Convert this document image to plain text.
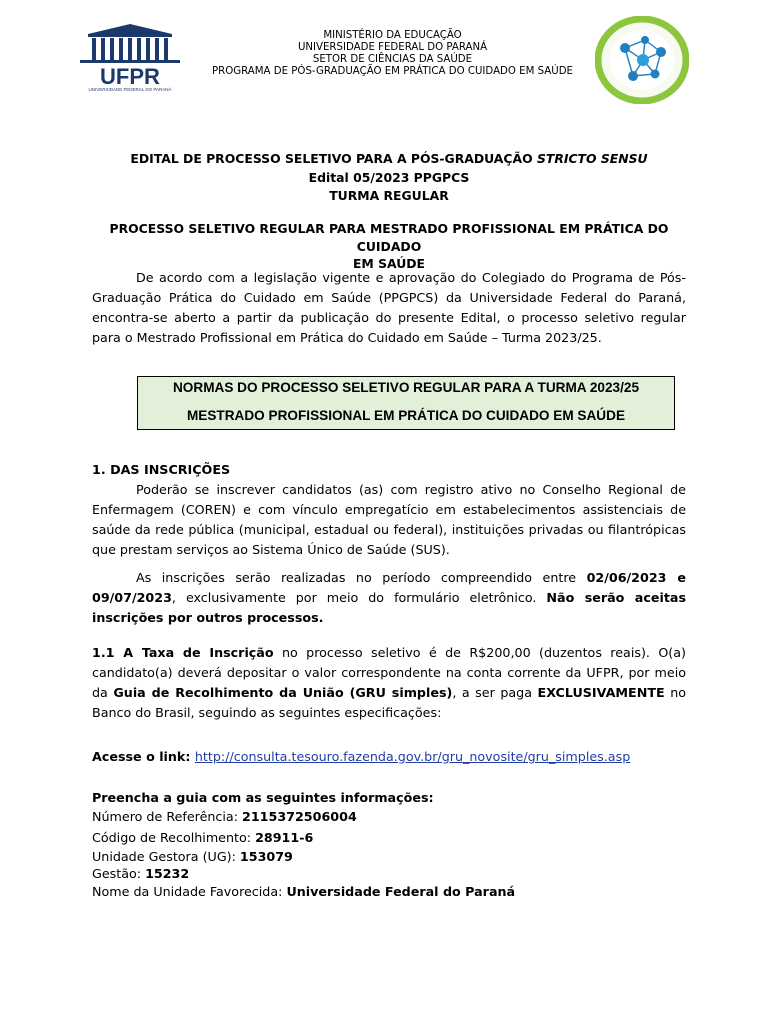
UFPR
UNIVERSIDADE FEDERAL DO PARANÁ
MINISTÉRIO DA EDUCAÇÃO
UNIVERSIDADE FEDERAL DO PARANÁ
SETOR DE CIÊNCIAS DA SAÚDE
PROGRAMA DE PÓS-GRADUAÇÃO EM PRÁTICA DO CUIDADO EM SAÚDE
EDITAL DE PROCESSO SELETIVO PARA A PÓS-GRADUAÇÃO STRICTO SENSU
Edital 05/2023 PPGPCS
TURMA REGULAR
PROCESSO SELETIVO REGULAR PARA MESTRADO PROFISSIONAL EM PRÁTICA DO CUIDADO
EM SAÚDE
De acordo com a legislação vigente e aprovação do Colegiado do Programa de Pós-Graduação Prática do Cuidado em Saúde (PPGPCS) da Universidade Federal do Paraná, encontra-se aberto a partir da publicação do presente Edital, o processo seletivo regular para o Mestrado Profissional em Prática do Cuidado em Saúde – Turma 2023/25.
NORMAS DO PROCESSO SELETIVO REGULAR PARA A TURMA 2023/25
MESTRADO PROFISSIONAL EM PRÁTICA DO CUIDADO EM SAÚDE
1. DAS INSCRIÇÕES
Poderão se inscrever candidatos (as) com registro ativo no Conselho Regional de Enfermagem (COREN) e com vínculo empregatício em estabelecimentos assistenciais de saúde da rede pública (municipal, estadual ou federal), instituições privadas ou filantrópicas que prestam serviços ao Sistema Único de Saúde (SUS).
As inscrições serão realizadas no período compreendido entre 02/06/2023 e 09/07/2023, exclusivamente por meio do formulário eletrônico. Não serão aceitas inscrições por outros processos.
1.1 A Taxa de Inscrição no processo seletivo é de R$200,00 (duzentos reais). O(a) candidato(a) deverá depositar o valor correspondente na conta corrente da UFPR, por meio da Guia de Recolhimento da União (GRU simples), a ser paga EXCLUSIVAMENTE no Banco do Brasil, seguindo as seguintes especificações:
Acesse o link: http://consulta.tesouro.fazenda.gov.br/gru_novosite/gru_simples.asp
Preencha a guia com as seguintes informações:
Número de Referência: 2115372506004
Código de Recolhimento: 28911-6
Unidade Gestora (UG): 153079
Gestão: 15232
Nome da Unidade Favorecida: Universidade Federal do Paraná
